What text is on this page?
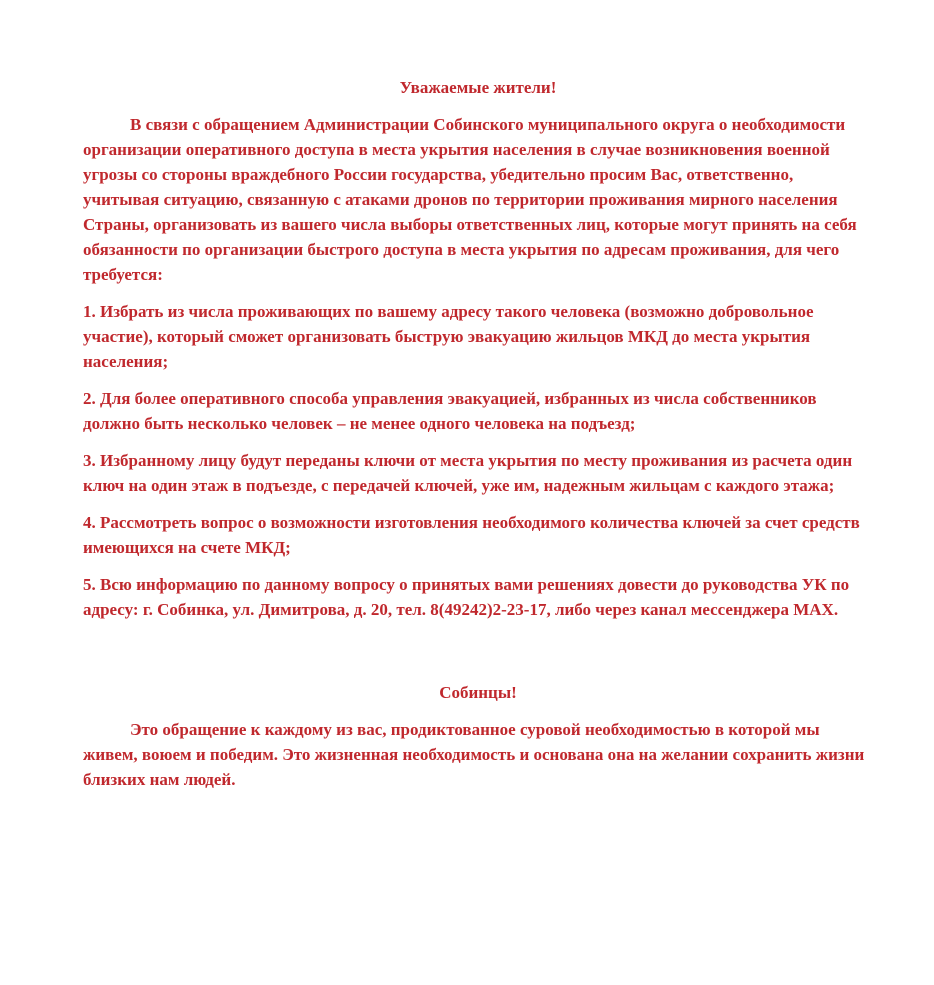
Уважаемые жители!
В связи с обращением Администрации Собинского муниципального округа о необходимости организации оперативного доступа в места укрытия населения в случае возникновения военной угрозы со стороны враждебного России государства, убедительно просим Вас, ответственно, учитывая ситуацию, связанную с атаками дронов по территории проживания мирного населения Страны, организовать из вашего числа выборы ответственных лиц, которые могут принять на себя обязанности по организации быстрого доступа в места укрытия по адресам проживания, для чего требуется:
1. Избрать из числа проживающих по вашему адресу такого человека (возможно добровольное участие), который сможет организовать быструю эвакуацию жильцов МКД до места укрытия населения;
2. Для более оперативного способа управления эвакуацией, избранных из числа собственников должно быть несколько человек – не менее одного человека на подъезд;
3. Избранному лицу будут переданы ключи от места укрытия по месту проживания из расчета один ключ на один этаж в подъезде, с передачей ключей, уже им, надежным жильцам с каждого этажа;
4. Рассмотреть вопрос о возможности изготовления необходимого количества ключей за счет средств имеющихся на счете МКД;
5. Всю информацию по данному вопросу о принятых вами решениях довести до руководства УК по адресу: г. Собинка, ул. Димитрова, д. 20, тел. 8(49242)2-23-17, либо через канал мессенджера MAX.
Собинцы!
Это обращение к каждому из вас, продиктованное суровой необходимостью в которой мы живем, воюем и победим. Это жизненная необходимость и основана она на желании сохранить жизни близких нам людей.
